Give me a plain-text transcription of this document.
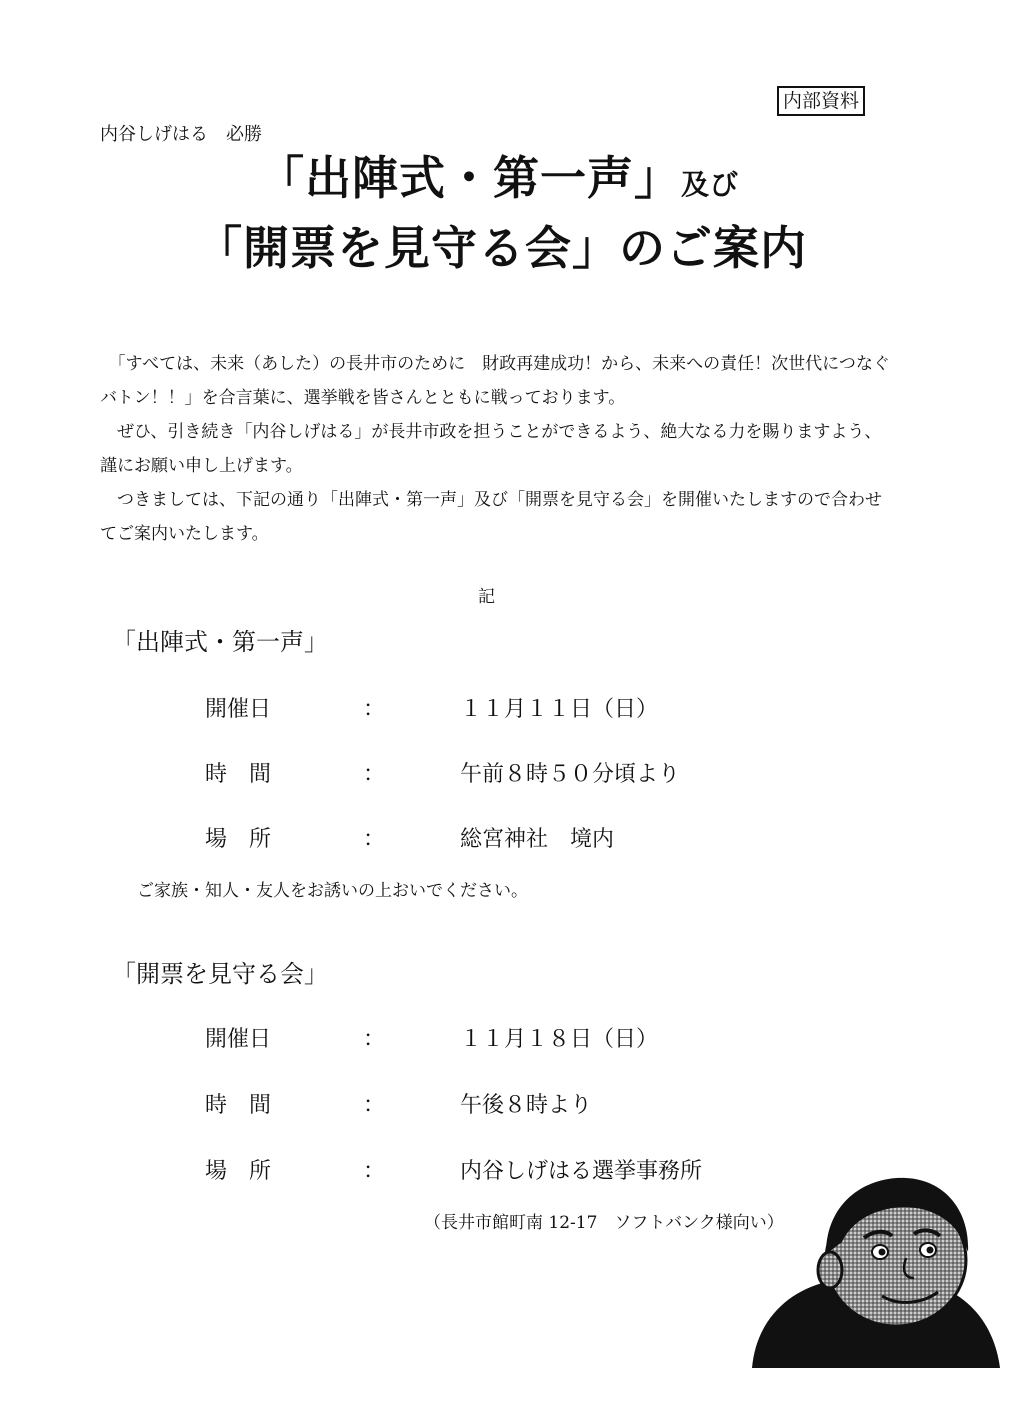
内部資料
内谷しげはる　必勝
「出陣式・第一声」及び
「開票を見守る会」のご案内

　「すべては、未来（あした）の長井市のために　財政再建成功！から、未来への責任！次世代につなぐバトン！！」を合言葉に、選挙戦を皆さんとともに戦っております。

　ぜひ、引き続き「内谷しげはる」が長井市政を担うことができるよう、絶大なる力を賜りますよう、謹にお願い申し上げます。

　つきましては、下記の通り「出陣式・第一声」及び「開票を見守る会」を開催いたしますので合わせてご案内いたします。

記
「出陣式・第一声」
開催日	：	１１月１１日（日）
時　間	：	午前８時５０分頃より
場　所	：	総宮神社　境内
ご家族・知人・友人をお誘いの上おいでください。
「開票を見守る会」
開催日	：	１１月１８日（日）
時　間	：	午後８時より
場　所	：	内谷しげはる選挙事務所
（長井市館町南 12-17　ソフトバンク様向い）
